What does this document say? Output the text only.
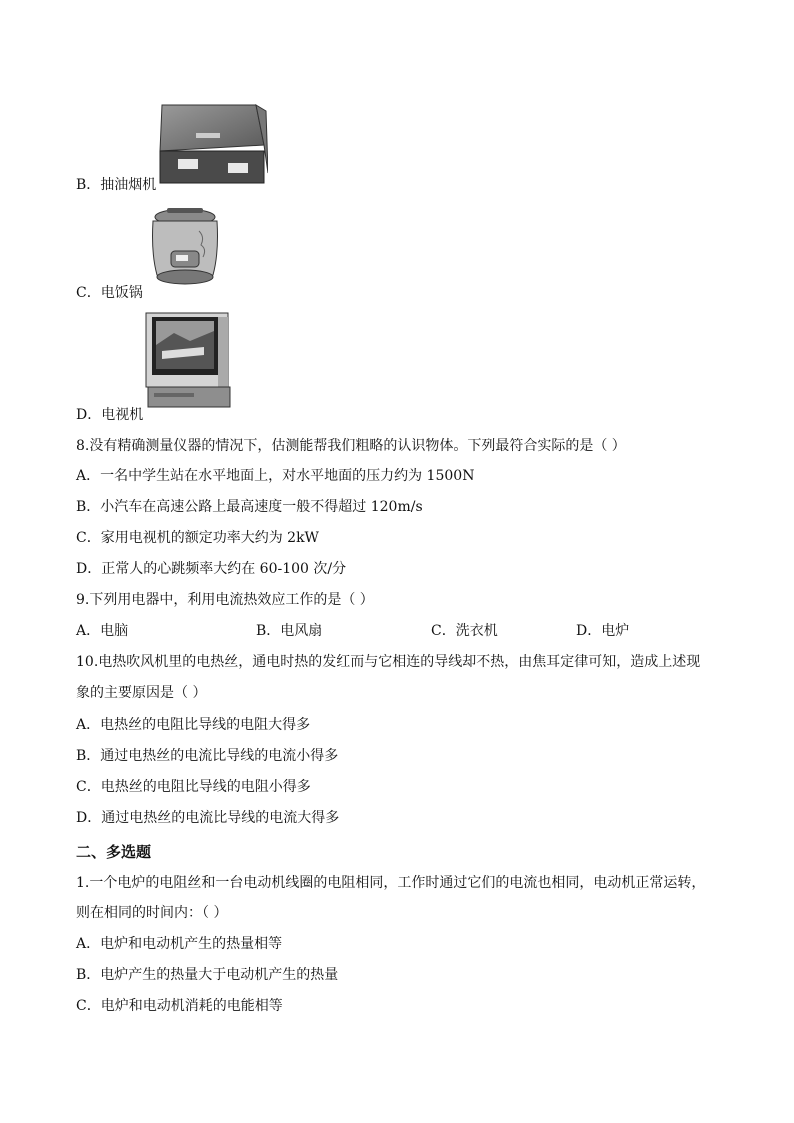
B．抽油烟机
C．电饭锅
D．电视机
8.没有精确测量仪器的情况下，估测能帮我们粗略的认识物体。下列最符合实际的是（ ）
A．一名中学生站在水平地面上，对水平地面的压力约为 1500N
B．小汽车在高速公路上最高速度一般不得超过 120m/s
C．家用电视机的额定功率大约为 2kW
D．正常人的心跳频率大约在 60-100 次/分
9.下列用电器中，利用电流热效应工作的是（ ）
A．电脑	B．电风扇	C．洗衣机	D．电炉
10.电热吹风机里的电热丝，通电时热的发红而与它相连的导线却不热，由焦耳定律可知，造成上述现
象的主要原因是（ ）
A．电热丝的电阻比导线的电阻大得多
B．通过电热丝的电流比导线的电流小得多
C．电热丝的电阻比导线的电阻小得多
D．通过电热丝的电流比导线的电流大得多
二、多选题
1.一个电炉的电阻丝和一台电动机线圈的电阻相同，工作时通过它们的电流也相同，电动机正常运转，
则在相同的时间内：（ ）
A．电炉和电动机产生的热量相等
B．电炉产生的热量大于电动机产生的热量
C．电炉和电动机消耗的电能相等
